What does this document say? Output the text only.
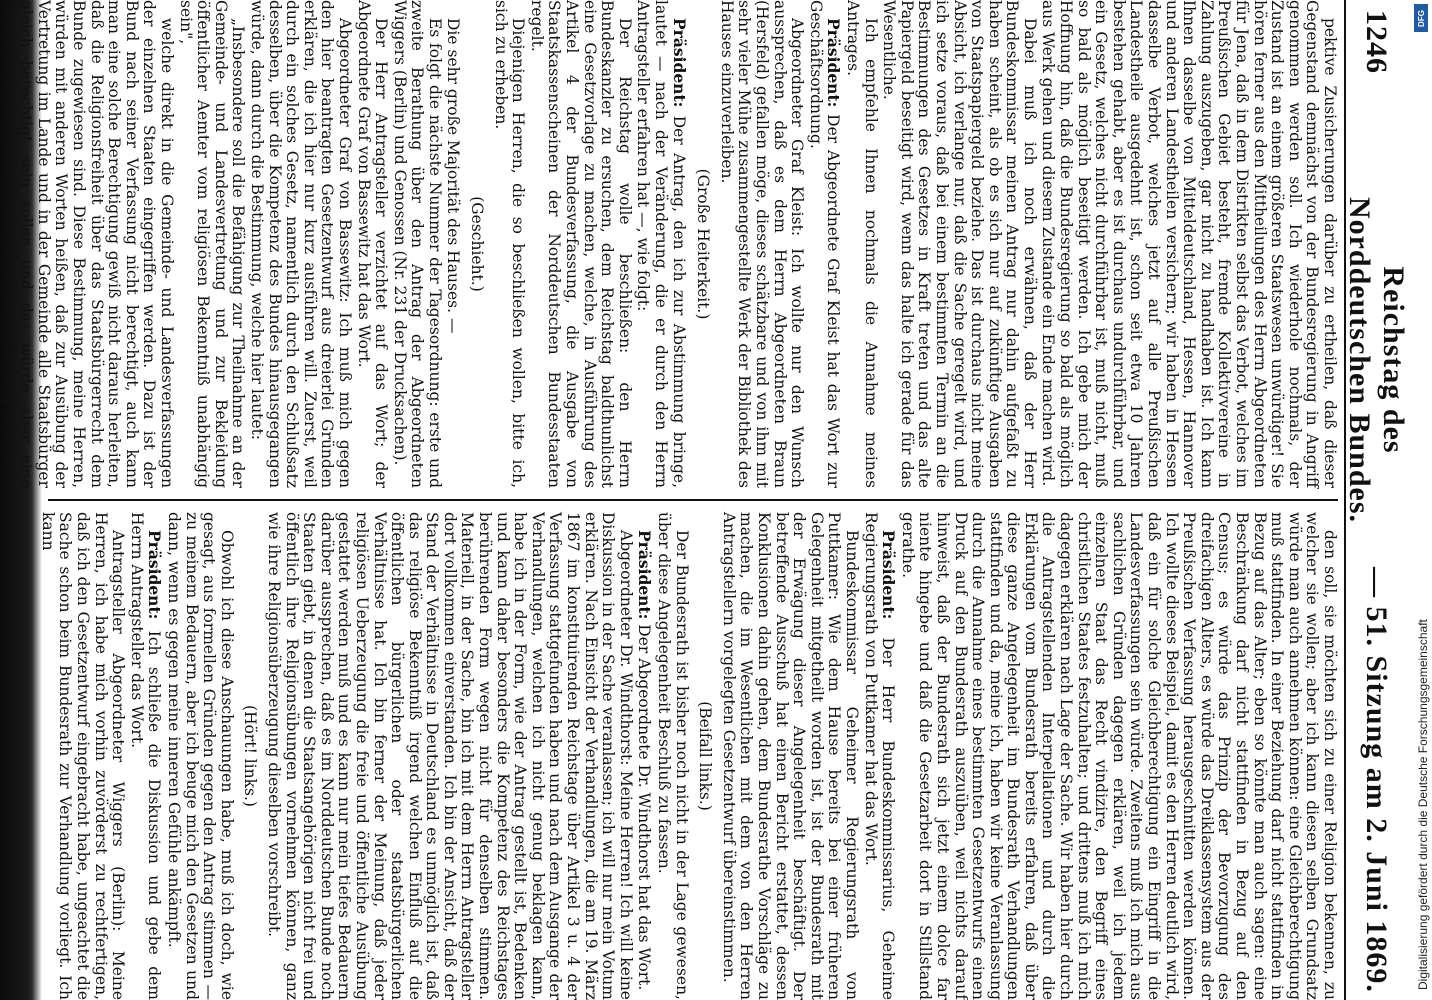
1246
Reichstag des Norddeutschen Bundes.
— 51. Sitzung am 2. Juni 1869.

pektive Zusicherungen darüber zu ertheilen, daß dieser Gegenstand demnächst von der Bundesregierung in Angriff genommen werden soll. Ich wiederhole nochmals, der Zustand ist an einem größeren Staatswesen unwürdiger! Sie hören ferner aus den Mittheilungen des Herrn Abgeordneten für Jena, daß in dem Distrikten selbst das Verbot, welches im Preußischen Gebiet besteht, fremde Kollektivvereine in Zahlung auszugeben, gar nicht zu handhaben ist. Ich kann Ihnen dasselbe von Mitteldeutschland, Hessen, Hannover und anderen Landestheilen versichern; wir haben in Hessen dasselbe Verbot, welches jetzt auf alle Preußischen Landestheile ausgedehnt ist, schon seit etwa 10 Jahren bestehen gehabt, aber es ist durchaus undurchführbar, und ein Gesetz, welches nicht durchführbar ist, muß nicht, muß so bald als möglich beseitigt werden. Ich gebe mich der Hoffnung hin, daß die Bundesregierung so bald als möglich aus Werk gehen und diesem Zustande ein Ende machen wird.

Dabei muß ich noch erwähnen, daß der Herr Bundeskommissar meinen Antrag nur dahin aufgefaßt zu haben scheint, als ob es sich nur auf zukünftige Ausgaben von Staatspapiergeld beziehe. Das ist durchaus nicht meine Absicht, ich verlange nur, daß die Sache geregelt wird, und ich setze voraus, daß bei einem bestimmten Termin an die Bestimmungen des Gesetzes in Kraft treten und das alte Papiergeld beseitigt wird, wenn das halte ich gerade für das Wesentliche.

Ich empfehle Ihnen nochmals die Annahme meines Antrages.

Präsident: Der Abgeordnete Graf Kleist hat das Wort zur Geschäftsordnung.

Abgeordneter Graf Kleist: Ich wollte nur den Wunsch aussprechen, daß es dem Herrn Abgeordneten Braun (Hersfeld) gefallen möge, dieses schätzbare und von ihm mit sehr vieler Mühe zusammengestellte Werk der Bibliothek des Hauses einzuverleiben.

(Große Heiterkeit.)

Präsident: Der Antrag, den ich zur Abstimmung bringe, lautet — nach der Veränderung, die er durch den Herrn Antragsteller erfahren hat —, wie folgt:

Der Reichstag wolle beschließen: den Herrn Bundeskanzler zu ersuchen, dem Reichstag baldthunlichst eine Gesetzvorlage zu machen, welche, in Ausführung des Artikel 4 der Bundesverfassung, die Ausgabe von Staatskassenscheinen der Norddeutschen Bundesstaaten regelt.

Diejenigen Herren, die so beschließen wollen, bitte ich, sich zu erheben.

(Geschieht.)

Die sehr große Majorität des Hauses. —

Es folgt die nächste Nummer der Tagesordnung: erste und zweite Berathung über den Antrag der Abgeordneten Wiggers (Berlin) und Genossen (Nr. 231 der Drucksachen).

Der Herr Antragsteller verzichtet auf das Wort; der Abgeordnete Graf von Bassewitz hat das Wort.

Abgeordneter Graf von Bassewitz: Ich muß mich gegen den hier beantragten Gesetzentwurf aus dreierlei Gründen erklären, die ich hier nur kurz ausführen will. Zuerst, weil durch ein solches Gesetz, namentlich durch den Schlußsatz desselben, über die Kompetenz des Bundes hinausgegangen würde, dann durch die Bestimmung, welche hier lautet:

„Insbesondere soll die Befähigung zur Theilnahme an der Gemeinde- und Landesvertretung und zur Bekleidung öffentlicher Aemter vom religiösen Bekenntniß unabhängig sein",

welche direkt in die Gemeinde- und Landesverfassungen der einzelnen Staaten eingegriffen werden. Dazu ist der Bund nach seiner Verfassung nicht berechtigt, auch kann man eine solche Berechtigung gewiß nicht daraus herleiten, daß die Religionsfreiheit über das Staatsbürgerrecht dem Bunde zugewiesen sind. Diese Bestimmung, meine Herren, würden mit anderen Worten heißen, daß zur Ausübung der Vertretung im Lande und in der Gemeinde alle Staatsbürger gleich berechtigt sein sollen und das würde aber eine Bestimmung der Landes- und Gemeindeverfassung sein. Hier

den soll, sie möchten sich zu einer Religion bekennen, zu welcher sie wollen; aber ich kann diesen selben Grundsatz würde man auch annehmen können: eine Gleichberechtigung muß stattfinden. In einer Beziehung darf nicht stattfinden in Bezug auf das Alter; eben so könnte man auch sagen: eine Beschränkung darf nicht stattfinden in Bezug auf den Census; es würde das Prinzip der Bevorzugung des dreifachigen Alters, es würde das Dreiklassensystem aus der Preußischen Verfassung herausgeschnitten werden können. Ich wollte dieses Beispiel, damit es den Herren deutlich wird, daß ein für solche Gleichberechtigung ein Eingriff in die Landesverfassungen sein würde. Zweitens muß ich mich aus sachlichen Gründen dagegen erklären, weil ich jedem einzelnen Staat das Recht vindizire, den Begriff eines christlichen Staates festzuhalten; und drittens muß ich mich dagegen erklären nach Lage der Sache. Wir haben hier durch die Antragstellenden Interpellationen und durch die Erklärungen vom Bundesrath bereits erfahren, daß über diese ganze Angelegenheit im Bundesrath Verhandlungen stattfinden und da, meine ich, haben wir keine Veranlassung durch die Annahme eines bestimmten Gesetzentwurfs einen Druck auf den Bundesrath auszuüben, weil nichts darauf hinweist, daß der Bundesrath sich jetzt einem dolce far niente hingebe und daß die Gesetzarbeit dort in Stillstand gerathe.

Präsident: Der Herr Bundeskommissarius, Geheime Regierungsrath von Puttkamer hat das Wort.

Bundeskommissar Geheimer Regierungsrath von Puttkamer: Wie dem Hause bereits bei einer früheren Gelegenheit mitgetheilt worden ist, ist der Bundesrath mit der Erwägung dieser Angelegenheit beschäftigt. Der betreffende Ausschuß hat einen Bericht erstattet, dessen Konklusionen dahin gehen, dem Bundesrathe Vorschläge zu machen, die im Wesentlichen mit dem von den Herren Antragstellern vorgelegten Gesetzentwurf übereinstimmen.

(Beifall links.)

Der Bundesrath ist bisher noch nicht in der Lage gewesen, über diese Angelegenheit Beschluß zu fassen.

Präsident: Der Abgeordnete Dr. Windthorst hat das Wort.

Abgeordneter Dr. Windthorst: Meine Herren! Ich will keine Diskussion in der Sache veranlassen; ich will nur mein Votum erklären. Nach Einsicht der Verhandlungen, die am 19. März 1867 im konstituirenden Reichstage über Artikel 3 u. 4 der Verfassung stattgefunden haben und nach dem Ausgange der Verhandlungen, welchen ich nicht genug beklagen kann, habe ich in der Form, wie der Antrag gestellt ist, Bedenken und kann daher besonders die Kompetenz des Reichstages berührenden Form wegen nicht für denselben stimmen. Materiell, in der Sache, bin ich mit dem Herrn Antragsteller dort vollkommen einverstanden. Ich bin der Ansicht, daß der Stand der Verhältnisse in Deutschland es unmöglich ist, daß das religiöse Bekenntniß irgend welchen Einfluß auf die öffentlichen bürgerlichen oder staatsbürgerlichen Verhältnisse hat. Ich bin ferner der Meinung, daß jeder religiösen Ueberzeugung die freie und öffentliche Ausübung gestattet werden muß und es kann nur mein tiefes Bedauern darüber aussprechen, daß es im Norddeutschen Bunde noch Staaten giebt, in denen die Staatsangehörigen nicht frei und öffentlich ihre Religionsübungen vornehmen können, ganz wie ihre Religionsüberzeugung dieselben vorschreibt.

(Hört! links.)

Obwohl ich diese Anschauungen habe, muß ich doch, wie gesagt, aus formellen Gründen gegen den Antrag stimmen — zu meinem Bedauern, aber ich beuge mich den Gesetzen und dann, wenn es gegen meine inneren Gefühle ankämpft.

Präsident: Ich schließe die Diskussion und gebe dem Herrn Antragsteller das Wort.

Antragsteller Abgeordneter Wiggers (Berlin): Meine Herren, ich habe mich vorhin zuvörderst zu rechtfertigen, daß ich den Gesetzentwurf eingebracht habe, ungeachtet die Sache schon beim Bundesrath zur Verhandlung vorliegt. Ich kann

DFG
Digitalisierung gefördert durch die Deutsche Forschungsgemeinschaft
